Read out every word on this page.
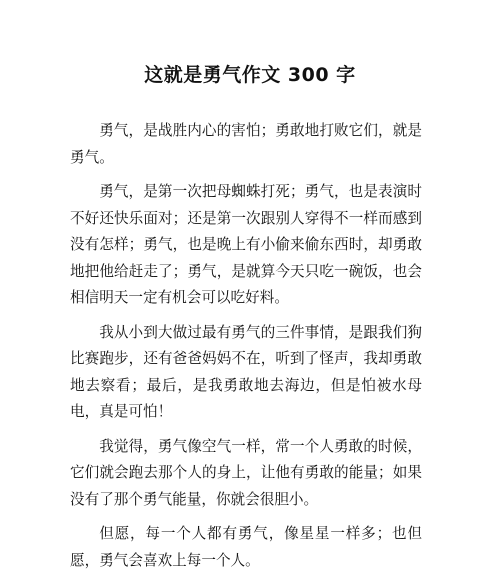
这就是勇气作文 300 字

勇气，是战胜内心的害怕；勇敢地打败它们，就是勇气。

勇气，是第一次把母蜘蛛打死；勇气，也是表演时不好还快乐面对；还是第一次跟别人穿得不一样而感到没有怎样；勇气，也是晚上有小偷来偷东西时，却勇敢地把他给赶走了；勇气，是就算今天只吃一碗饭，也会相信明天一定有机会可以吃好料。

我从小到大做过最有勇气的三件事情，是跟我们狗比赛跑步，还有爸爸妈妈不在，听到了怪声，我却勇敢地去察看；最后，是我勇敢地去海边，但是怕被水母电，真是可怕！

我觉得，勇气像空气一样，常一个人勇敢的时候，它们就会跑去那个人的身上，让他有勇敢的能量；如果没有了那个勇气能量，你就会很胆小。

但愿，每一个人都有勇气，像星星一样多；也但愿，勇气会喜欢上每一个人。
